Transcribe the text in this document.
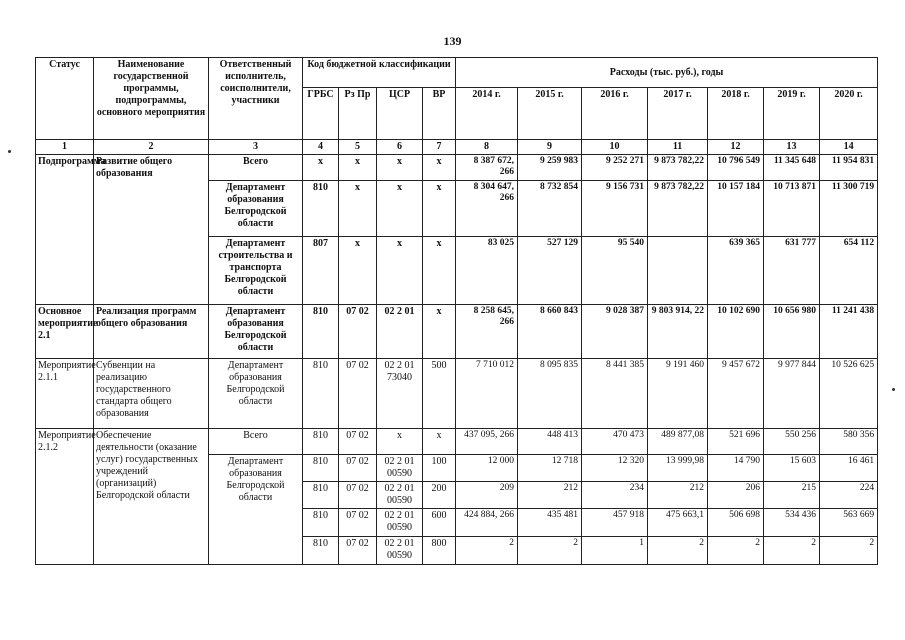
139
Статус	Наименование государственной программы, подпрограммы, основного мероприятия	Ответственный исполнитель, соисполнители, участники	Код бюджетной классификации				Расходы (тыс. руб.), годы						
			ГРБС	Рз Пр	ЦСР	ВР	2014 г.	2015 г.	2016 г.	2017 г.	2018 г.	2019 г.	2020 г.
1	2	3	4	5	6	7	8	9	10	11	12	13	14
Подпрограмма	Развитие общего образования	Всего	х	х	х	х	8 387 672, 266	9 259 983	9 252 271	9 873 782,22	10 796 549	11 345 648	11 954 831
		Департамент образования Белгородской области	810	х	х	х	8 304 647, 266	8 732 854	9 156 731	9 873 782,22	10 157 184	10 713 871	11 300 719
		Департамент строительства и транспорта Белгородской области	807	х	х	х	83 025	527 129	95 540		639 365	631 777	654 112
Основное мероприятие 2.1	Реализация программ общего образования	Департамент образования Белгородской области	810	07 02	02 2 01	х	8 258 645, 266	8 660 843	9 028 387	9 803 914, 22	10 102 690	10 656 980	11 241 438
Мероприятие 2.1.1	Субвенции на реализацию государственного стандарта общего образования	Департамент образования Белгородской области	810	07 02	02 2 01 73040	500	7 710 012	8 095 835	8 441 385	9 191 460	9 457 672	9 977 844	10 526 625
Мероприятие 2.1.2	Обеспечение деятельности (оказание услуг) государственных учреждений (организаций) Белгородской области	Всего	810	07 02	х	х	437 095, 266	448 413	470 473	489 877,08	521 696	550 256	580 356
		Департамент образования Белгородской области	810	07 02	02 2 01 00590	100	12 000	12 718	12 320	13 999,98	14 790	15 603	16 461
			810	07 02	02 2 01 00590	200	209	212	234	212	206	215	224
			810	07 02	02 2 01 00590	600	424 884, 266	435 481	457 918	475 663,1	506 698	534 436	563 669
			810	07 02	02 2 01 00590	800	2	2	1	2	2	2	2
